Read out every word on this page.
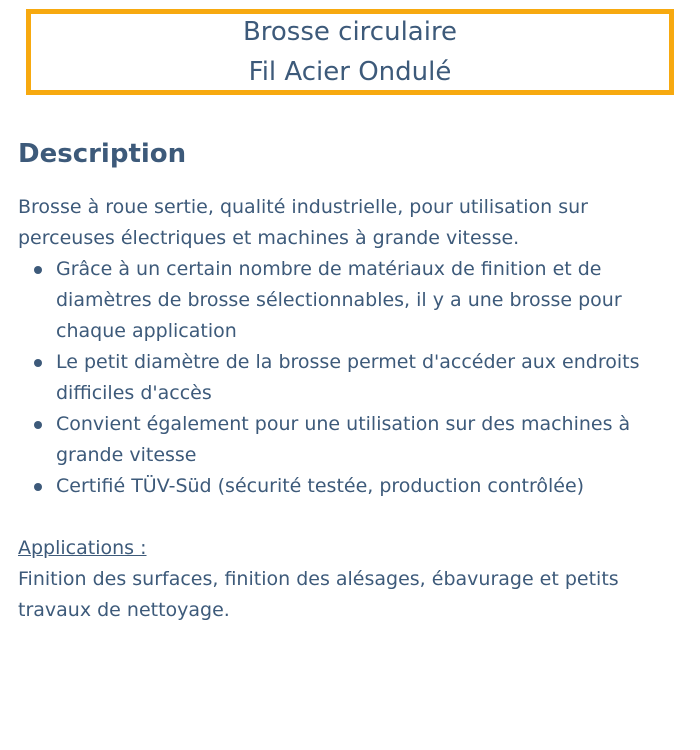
Brosse circulaire
Fil Acier Ondulé
Description

Brosse à roue sertie, qualité industrielle, pour utilisation sur perceuses électriques et machines à grande vitesse.

Grâce à un certain nombre de matériaux de finition et de diamètres de brosse sélectionnables, il y a une brosse pour chaque application
Le petit diamètre de la brosse permet d'accéder aux endroits difficiles d'accès
Convient également pour une utilisation sur des machines à grande vitesse
Certifié TÜV-Süd (sécurité testée, production contrôlée)
Applications :

Finition des surfaces, finition des alésages, ébavurage et petits travaux de nettoyage.
